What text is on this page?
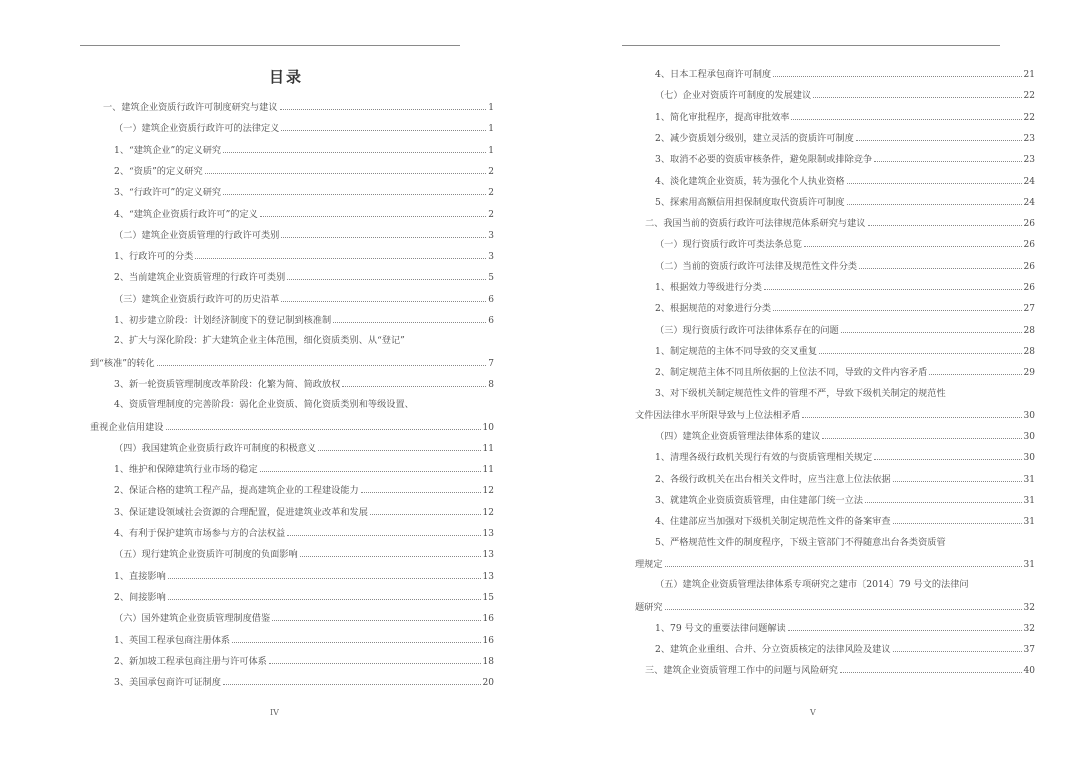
目录
一、建筑企业资质行政许可制度研究与建议	1
（一）建筑企业资质行政许可的法律定义	1
1、“建筑企业”的定义研究	1
2、“资质”的定义研究	2
3、“行政许可”的定义研究	2
4、“建筑企业资质行政许可”的定义	2
（二）建筑企业资质管理的行政许可类别	3
1、行政许可的分类	3
2、当前建筑企业资质管理的行政许可类别	5
（三）建筑企业资质行政许可的历史沿革	6
1、初步建立阶段：计划经济制度下的登记制到核准制	6
2、扩大与深化阶段：扩大建筑企业主体范围，细化资质类别、从“登记”
到“核准”的转化	7
3、新一轮资质管理制度改革阶段：化繁为简、简政放权	8
4、资质管理制度的完善阶段：弱化企业资质、简化资质类别和等级设置、
重视企业信用建设	10
（四）我国建筑企业资质行政许可制度的积极意义	11
1、维护和保障建筑行业市场的稳定	11
2、保证合格的建筑工程产品，提高建筑企业的工程建设能力	12
3、保证建设领域社会资源的合理配置，促进建筑业改革和发展	12
4、有利于保护建筑市场参与方的合法权益	13
（五）现行建筑企业资质许可制度的负面影响	13
1、直接影响	13
2、间接影响	15
（六）国外建筑企业资质管理制度借鉴	16
1、英国工程承包商注册体系	16
2、新加坡工程承包商注册与许可体系	18
3、美国承包商许可证制度	20
IV
4、日本工程承包商许可制度	21
（七）企业对资质许可制度的发展建议	22
1、简化审批程序，提高审批效率	22
2、减少资质划分级别，建立灵活的资质许可制度	23
3、取消不必要的资质审核条件，避免限制或排除竞争	23
4、淡化建筑企业资质，转为强化个人执业资格	24
5、探索用高额信用担保制度取代资质许可制度	24
二、我国当前的资质行政许可法律规范体系研究与建议	26
（一）现行资质行政许可类法条总览	26
（二）当前的资质行政许可法律及规范性文件分类	26
1、根据效力等级进行分类	26
2、根据规范的对象进行分类	27
（三）现行资质行政许可法律体系存在的问题	28
1、制定规范的主体不同导致的交叉重复	28
2、制定规范主体不同且所依据的上位法不同，导致的文件内容矛盾	29
3、对下级机关制定规范性文件的管理不严，导致下级机关制定的规范性
文件因法律水平所限导致与上位法相矛盾	30
（四）建筑企业资质管理法律体系的建议	30
1、清理各级行政机关现行有效的与资质管理相关规定	30
2、各级行政机关在出台相关文件时，应当注意上位法依据	31
3、就建筑企业资质资质管理，由住建部门统一立法	31
4、住建部应当加强对下级机关制定规范性文件的备案审查	31
5、严格规范性文件的制度程序，下级主管部门不得随意出台各类资质管
理规定	31
（五）建筑企业资质管理法律体系专项研究之建市〔2014〕79 号文的法律问
题研究	32
1、79 号文的重要法律问题解读	32
2、建筑企业重组、合并、分立资质核定的法律风险及建议	37
三、建筑企业资质管理工作中的问题与风险研究	40
V
